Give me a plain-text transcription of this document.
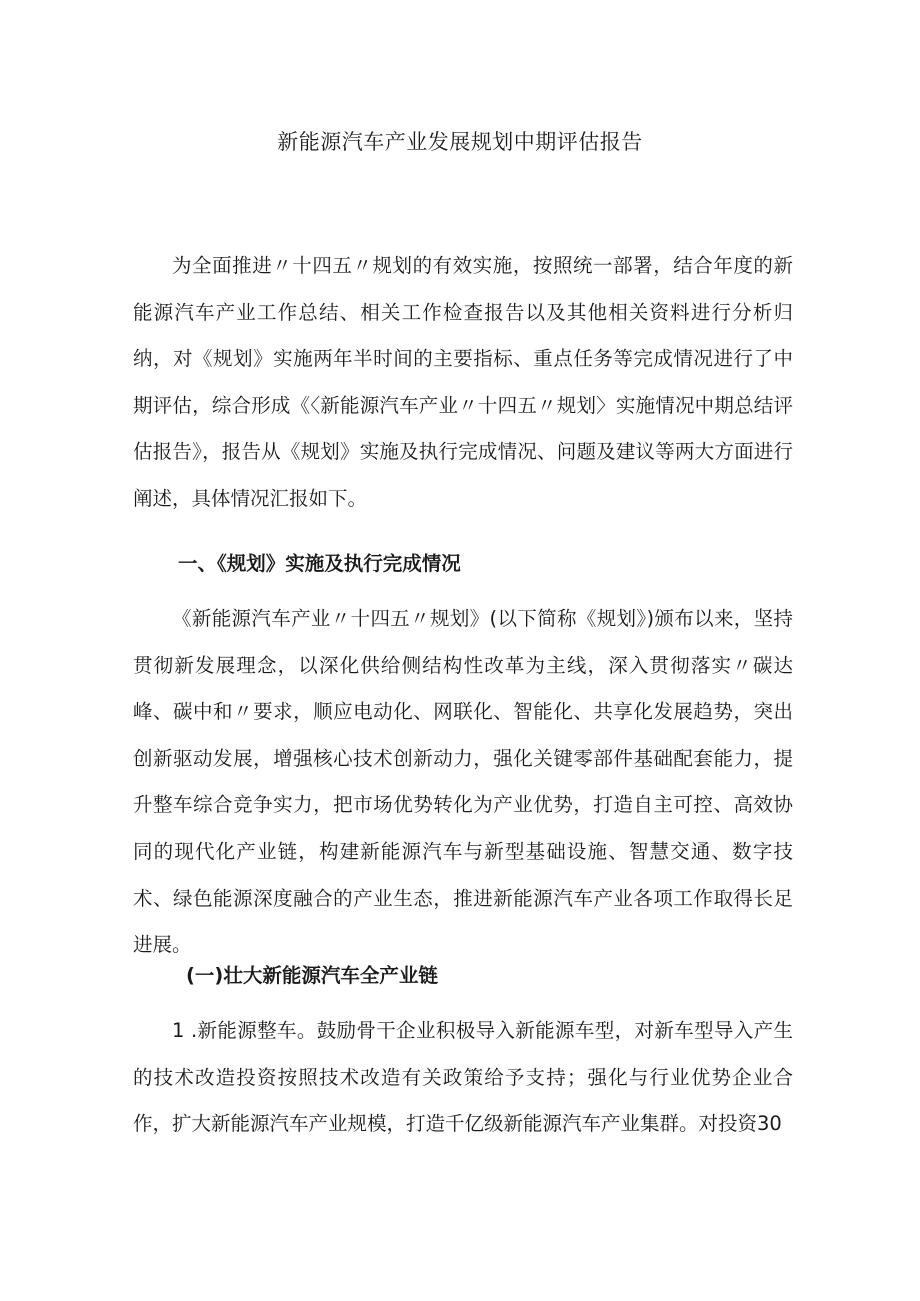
新能源汽车产业发展规划中期评估报告

为全面推进〃十四五〃规划的有效实施，按照统一部署，结合年度的新能源汽车产业工作总结、相关工作检查报告以及其他相关资料进行分析归纳，对《规划》实施两年半时间的主要指标、重点任务等完成情况进行了中期评估，综合形成《〈新能源汽车产业〃十四五〃规划〉实施情况中期总结评估报告》，报告从《规划》实施及执行完成情况、问题及建议等两大方面进行阐述，具体情况汇报如下。

一、《规划》实施及执行完成情况

《新能源汽车产业〃十四五〃规划》(以下简称《规划》)颁布以来，坚持贯彻新发展理念，以深化供给侧结构性改革为主线，深入贯彻落实〃碳达峰、碳中和〃要求，顺应电动化、网联化、智能化、共享化发展趋势，突出创新驱动发展，增强核心技术创新动力，强化关键零部件基础配套能力，提升整车综合竞争实力，把市场优势转化为产业优势，打造自主可控、高效协同的现代化产业链，构建新能源汽车与新型基础设施、智慧交通、数字技术、绿色能源深度融合的产业生态，推进新能源汽车产业各项工作取得长足进展。

(一)壮大新能源汽车全产业链

1 .新能源整车。鼓励骨干企业积极导入新能源车型，对新车型导入产生的技术改造投资按照技术改造有关政策给予支持；强化与行业优势企业合作，扩大新能源汽车产业规模，打造千亿级新能源汽车产业集群。对投资30
